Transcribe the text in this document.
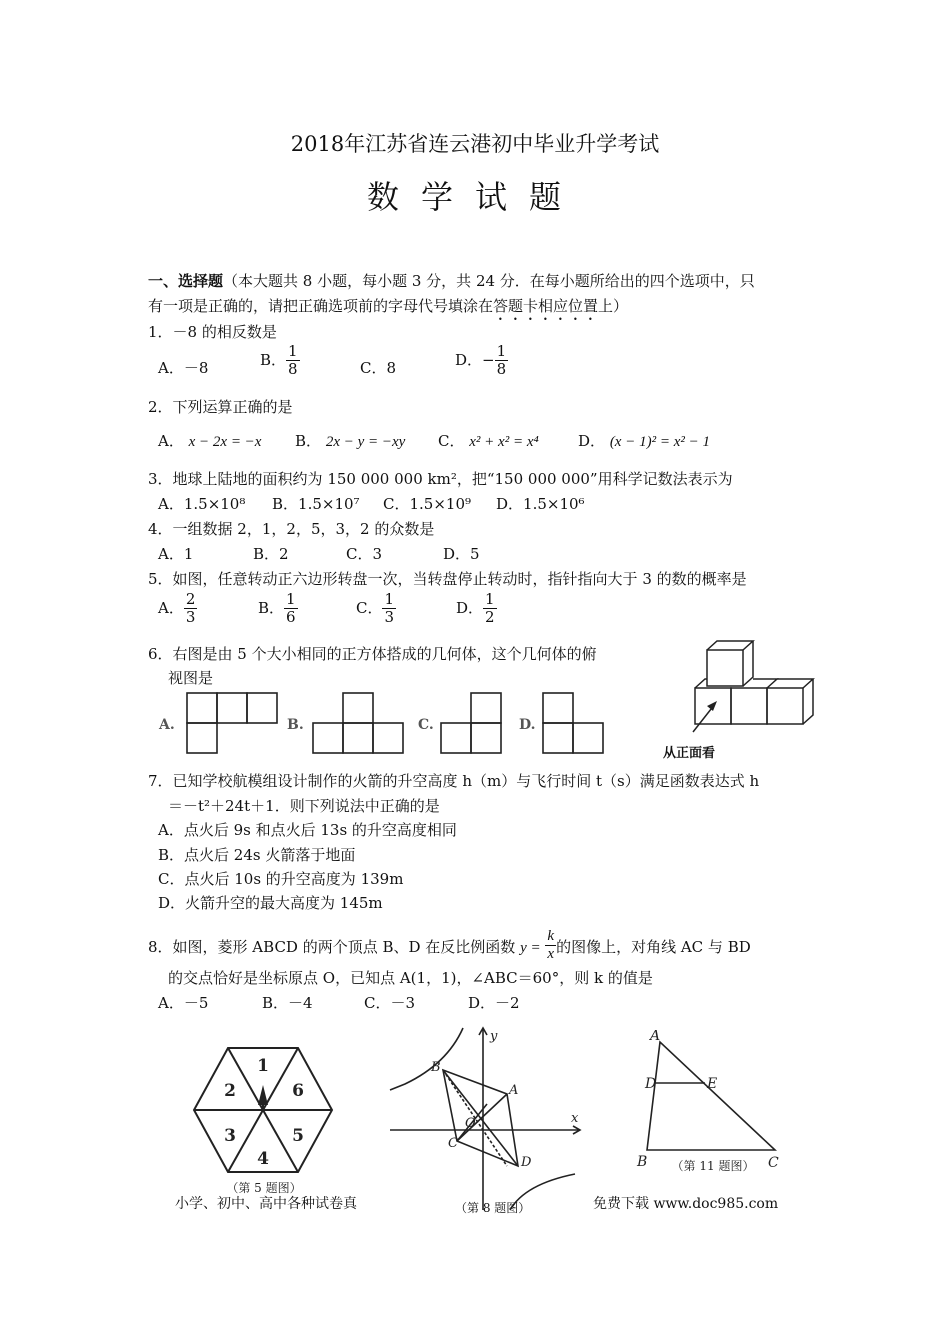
2018年江苏省连云港初中毕业升学考试
数学试题
一、选择题（本大题共 8 小题，每小题 3 分，共 24 分．在每小题所给出的四个选项中，只
有一项是正确的，请把正确选项前的字母代号填涂在答题卡相应位置上）
1．－8 的相反数是
A．－8	B． $\frac{1}{8}$	C．8	D．− $\frac{1}{8}$
2．下列运算正确的是
A． x − 2x = −x B． 2x − y = −xy C． x² + x² = x⁴	D． (x − 1)² = x² − 1
3．地球上陆地的面积约为 150 000 000 km²，把“150 000 000”用科学记数法表示为
A．1.5×10⁸ B．1.5×10⁷ C．1.5×10⁹ D．1.5×10⁶
4．一组数据 2，1，2，5，3，2 的众数是
A．1	B．2	C．3	D．5
5．如图，任意转动正六边形转盘一次，当转盘停止转动时，指针指向大于 3 的数的概率是
A． $\frac{2}{3}$	B． $\frac{1}{6}$	C． $\frac{1}{3}$	D． $\frac{1}{2}$
6．右图是由 5 个大小相同的正方体搭成的几何体，这个几何体的俯
视图是
A.	B.	C.	D.
从正面看
7．已知学校航模组设计制作的火箭的升空高度 h（m）与飞行时间 t（s）满足函数表达式 h
＝－t²＋24t＋1．则下列说法中正确的是
A．点火后 9s 和点火后 13s 的升空高度相同
B．点火后 24s 火箭落于地面
C．点火后 10s 的升空高度为 139m
D．火箭升空的最大高度为 145m
8．如图，菱形 ABCD 的两个顶点 B、D 在反比例函数 $y = \frac{k}{x}$ 的图像上，对角线 AC 与 BD
的交点恰好是坐标原点 O，已知点 A(1，1)，∠ABC＝60°，则 k 的值是
A．－5	B．－4	C．－3	D．－2
1
6
5
4
3
2
（第 5 题图）
B
A
C
D
O	x
y
（第 8 题图）
A
D	E
B	C
（第 11 题图）
小学、初中、高中各种试卷真	免费下载 www.doc985.com
